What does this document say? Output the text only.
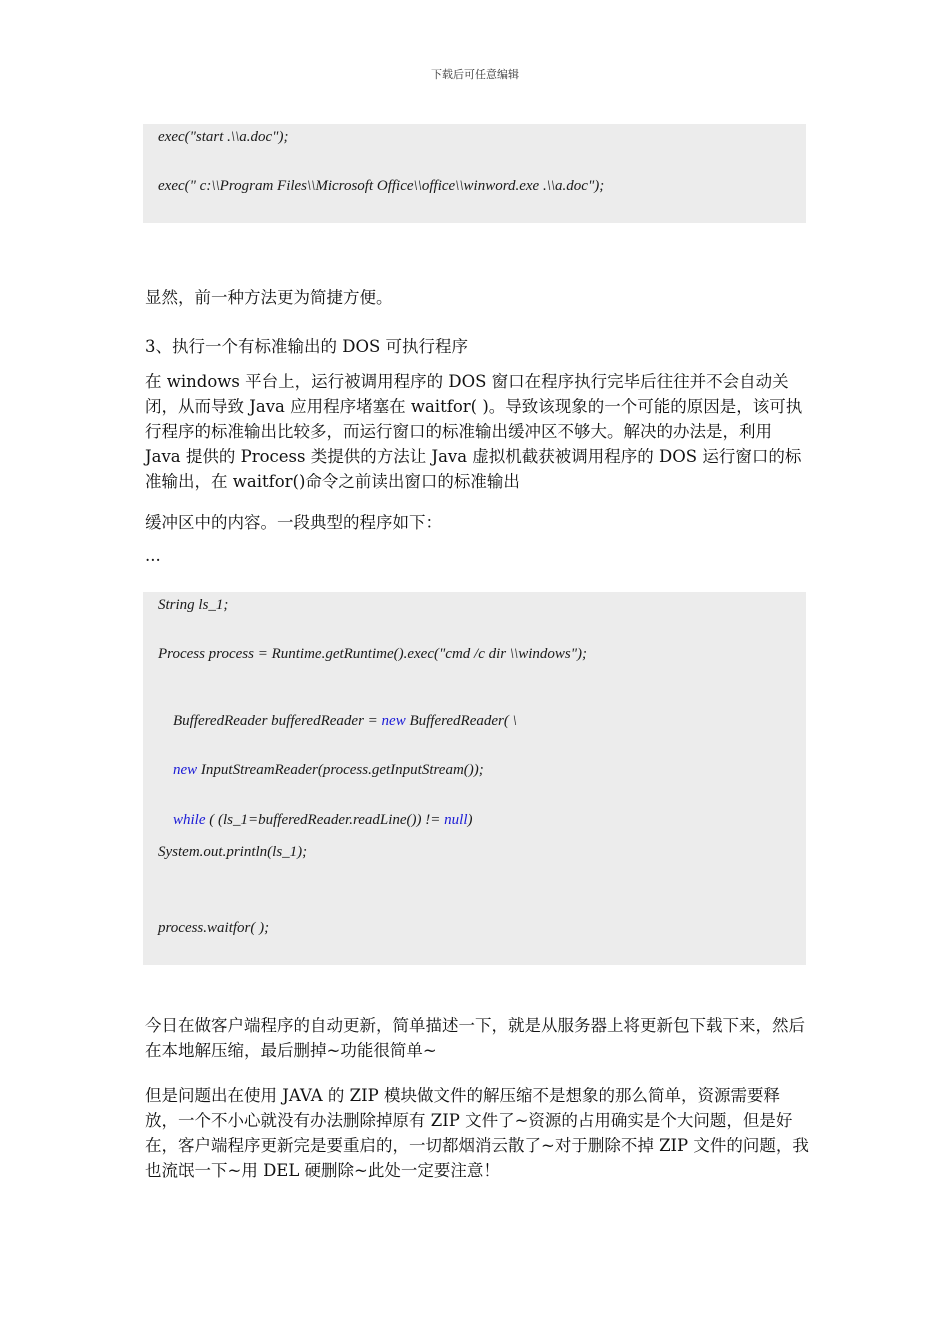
下载后可任意编辑
exec("start .\\a.doc");
exec(" c:\\Program Files\\Microsoft Office\\office\\winword.exe .\\a.doc");
显然，前一种方法更为简捷方便。
3、执行一个有标准输出的 DOS 可执行程序
在 windows 平台上，运行被调用程序的 DOS 窗口在程序执行完毕后往往并不会自动关闭，从而导致 Java 应用程序堵塞在 waitfor( )。导致该现象的一个可能的原因是，该可执行程序的标准输出比较多，而运行窗口的标准输出缓冲区不够大。解决的办法是，利用 Java 提供的 Process 类提供的方法让 Java 虚拟机截获被调用程序的 DOS 运行窗口的标准输出，在 waitfor()命令之前读出窗口的标准输出
缓冲区中的内容。一段典型的程序如下：
...
String ls_1;
Process process = Runtime.getRuntime().exec("cmd /c dir \\windows");

BufferedReader bufferedReader = new BufferedReader( \

new InputStreamReader(process.getInputStream());

while ( (ls_1=bufferedReader.readLine()) != null)

System.out.println(ls_1);
process.waitfor( );
今日在做客户端程序的自动更新，简单描述一下，就是从服务器上将更新包下载下来，然后在本地解压缩，最后删掉~功能很简单~
但是问题出在使用 JAVA 的 ZIP 模块做文件的解压缩不是想象的那么简单，资源需要释放，一个不小心就没有办法删除掉原有 ZIP 文件了~资源的占用确实是个大问题，但是好在，客户端程序更新完是要重启的，一切都烟消云散了~对于删除不掉 ZIP 文件的问题，我也流氓一下~用 DEL 硬删除~此处一定要注意！
